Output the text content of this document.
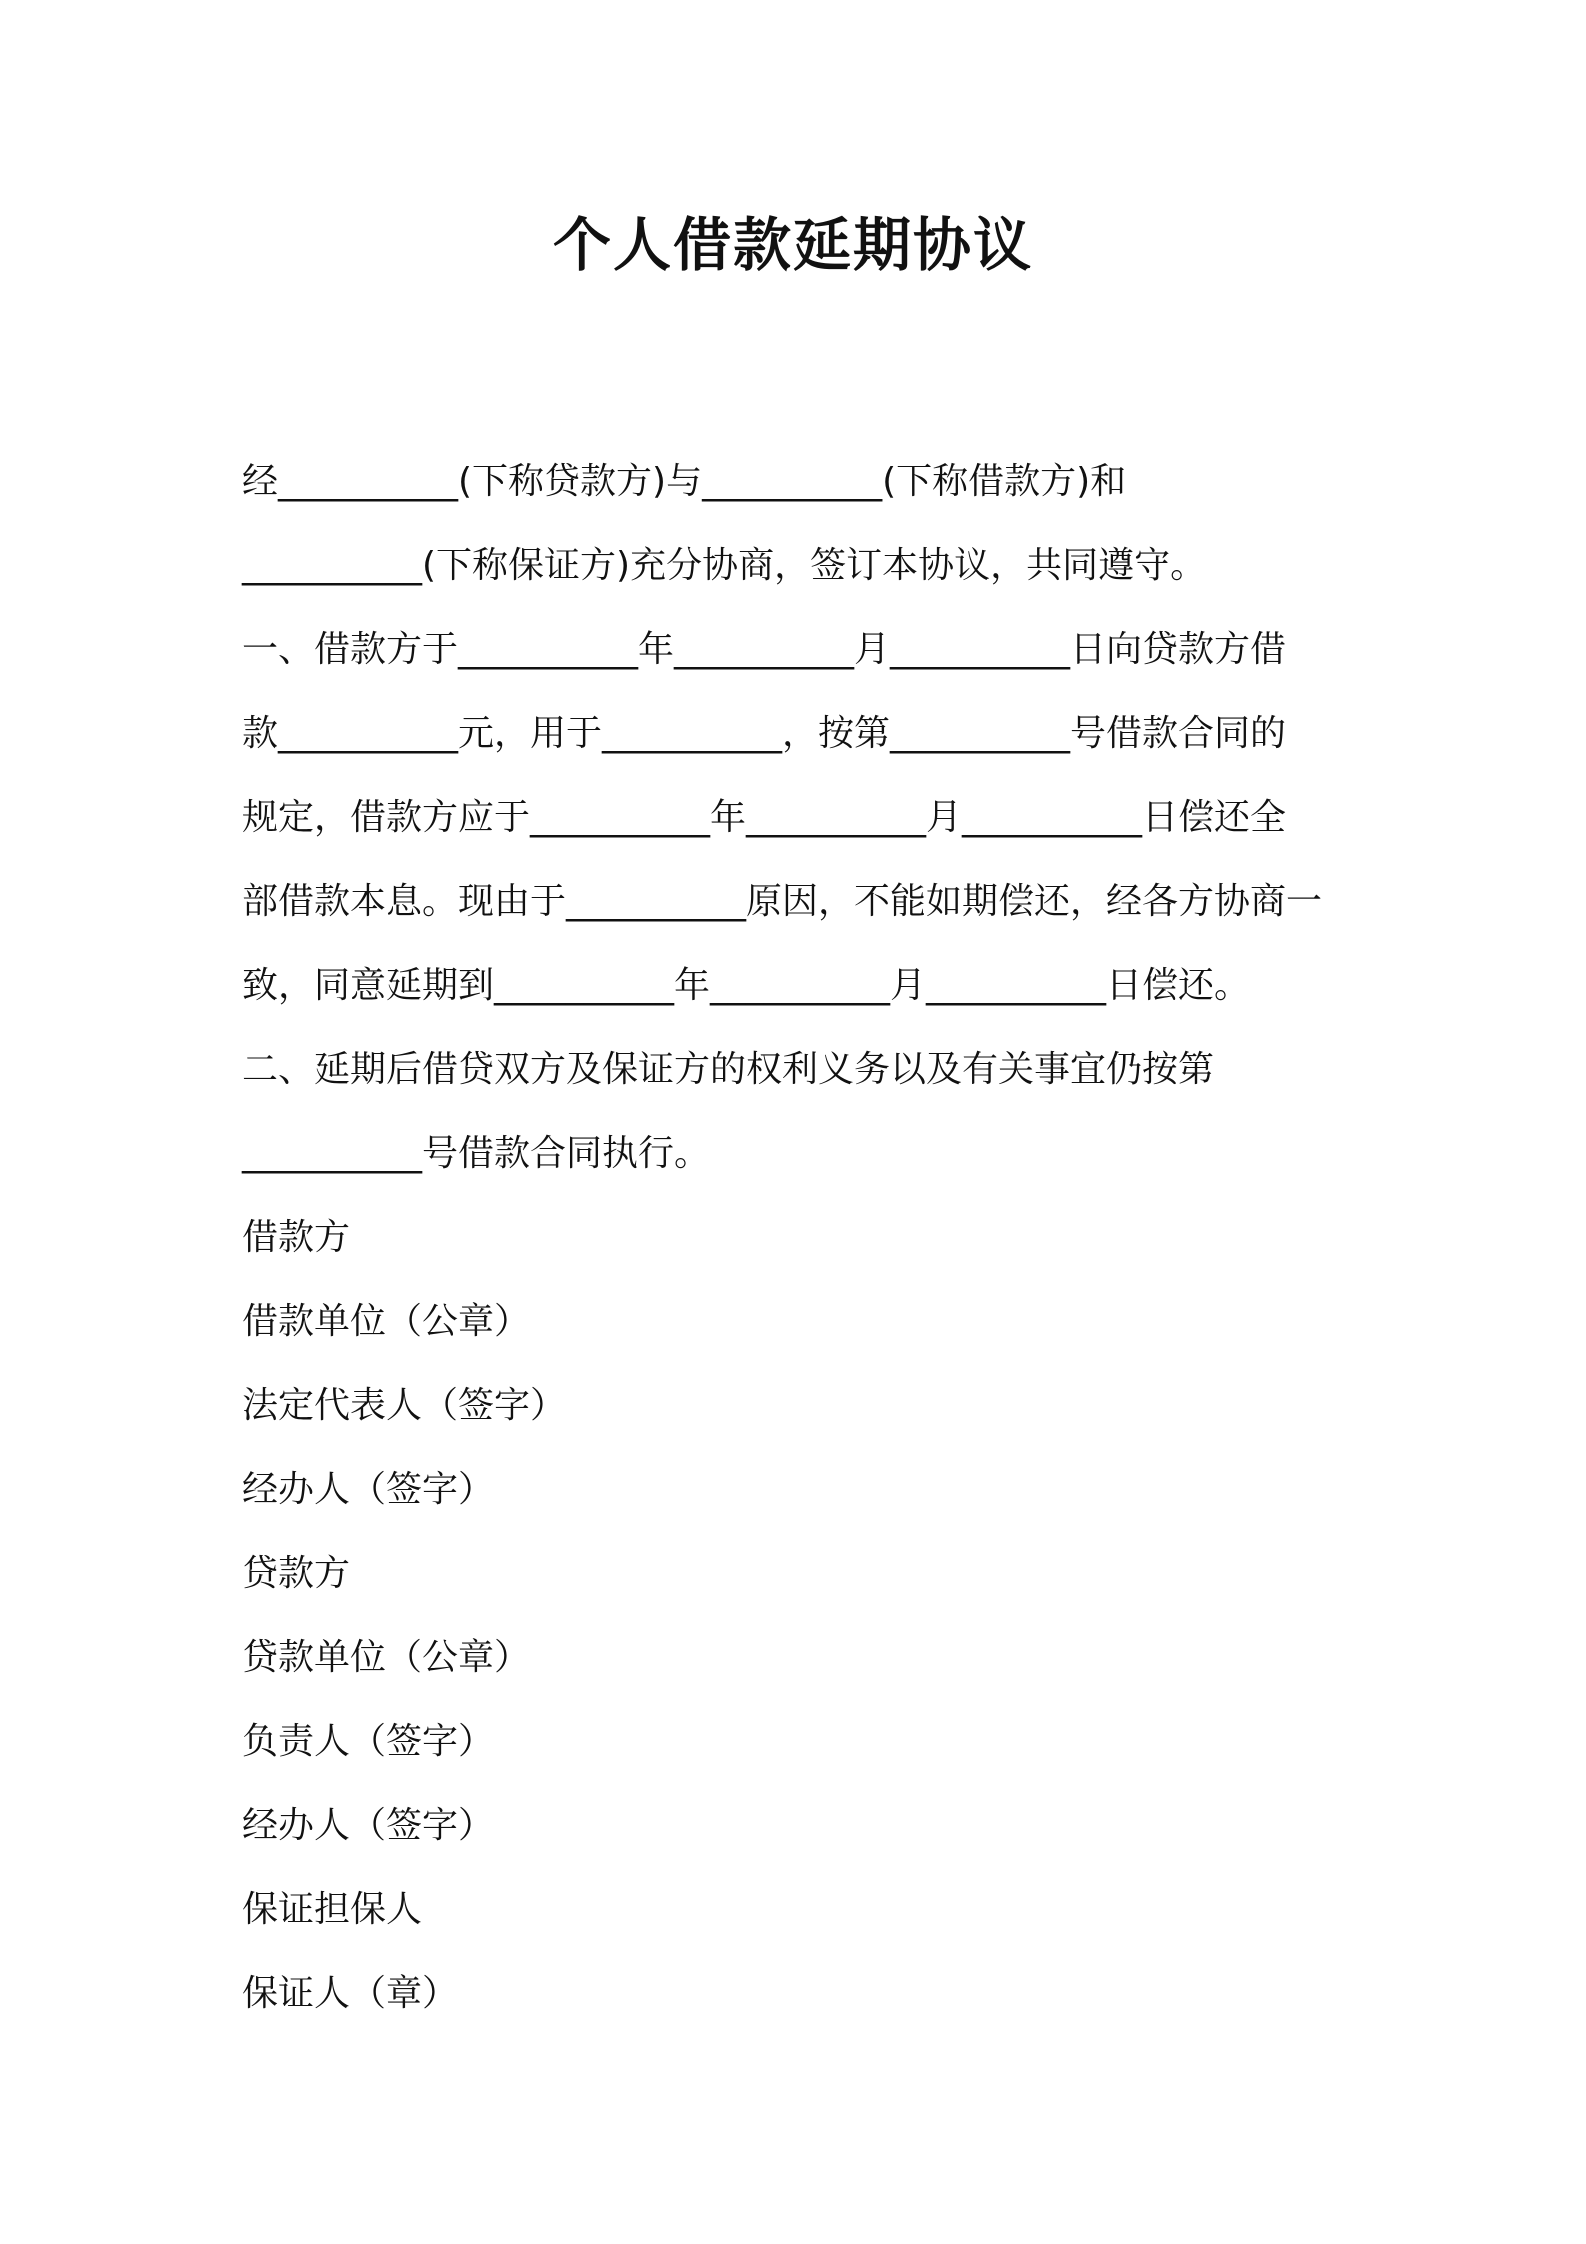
个人借款延期协议
经__________(下称贷款方)与__________(下称借款方)和
__________(下称保证方)充分协商，签订本协议，共同遵守。
一、借款方于__________年__________月__________日向贷款方借
款__________元，用于__________，按第__________号借款合同的
规定，借款方应于__________年__________月__________日偿还全
部借款本息。现由于__________原因，不能如期偿还，经各方协商一
致，同意延期到__________年__________月__________日偿还。
二、延期后借贷双方及保证方的权利义务以及有关事宜仍按第
__________号借款合同执行。
借款方
借款单位（公章）
法定代表人（签字）
经办人（签字）
贷款方
贷款单位（公章）
负责人（签字）
经办人（签字）
保证担保人
保证人（章）
